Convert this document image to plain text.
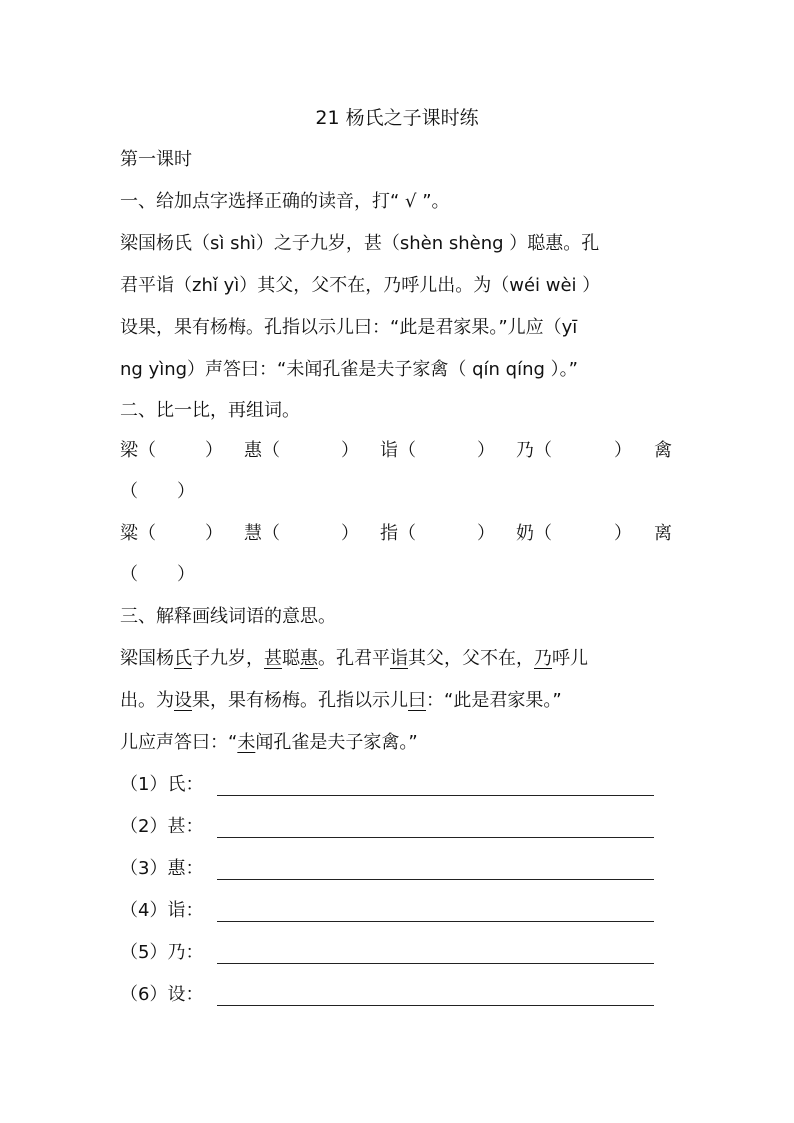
21 杨氏之子课时练
第一课时
一、给加点字选择正确的读音，打“ √ ”。
梁国杨氏（sì shì）之子九岁，甚（shèn shèng ）聪惠。孔
君平诣（zhǐ yì）其父，父不在，乃呼儿出。为（wéi wèi ）
设果，果有杨梅。孔指以示儿曰：“此是君家果。”儿应（yī
ng yìng）声答曰：“未闻孔雀是夫子家禽（ qín qíng ）。”
二、比一比，再组词。
梁（	） 惠（	） 诣（	） 乃（	） 禽
（ ）
粱（	） 慧（	） 指（	） 奶（	） 离
（ ）
三、解释画线词语的意思。
梁国杨氏子九岁，甚聪惠。孔君平诣其父，父不在，乃呼儿
出。为设果，果有杨梅。孔指以示儿曰：“此是君家果。”
儿应声答曰：“未闻孔雀是夫子家禽。”
（1）氏：
（2）甚：
（3）惠：
（4）诣：
（5）乃：
（6）设：
